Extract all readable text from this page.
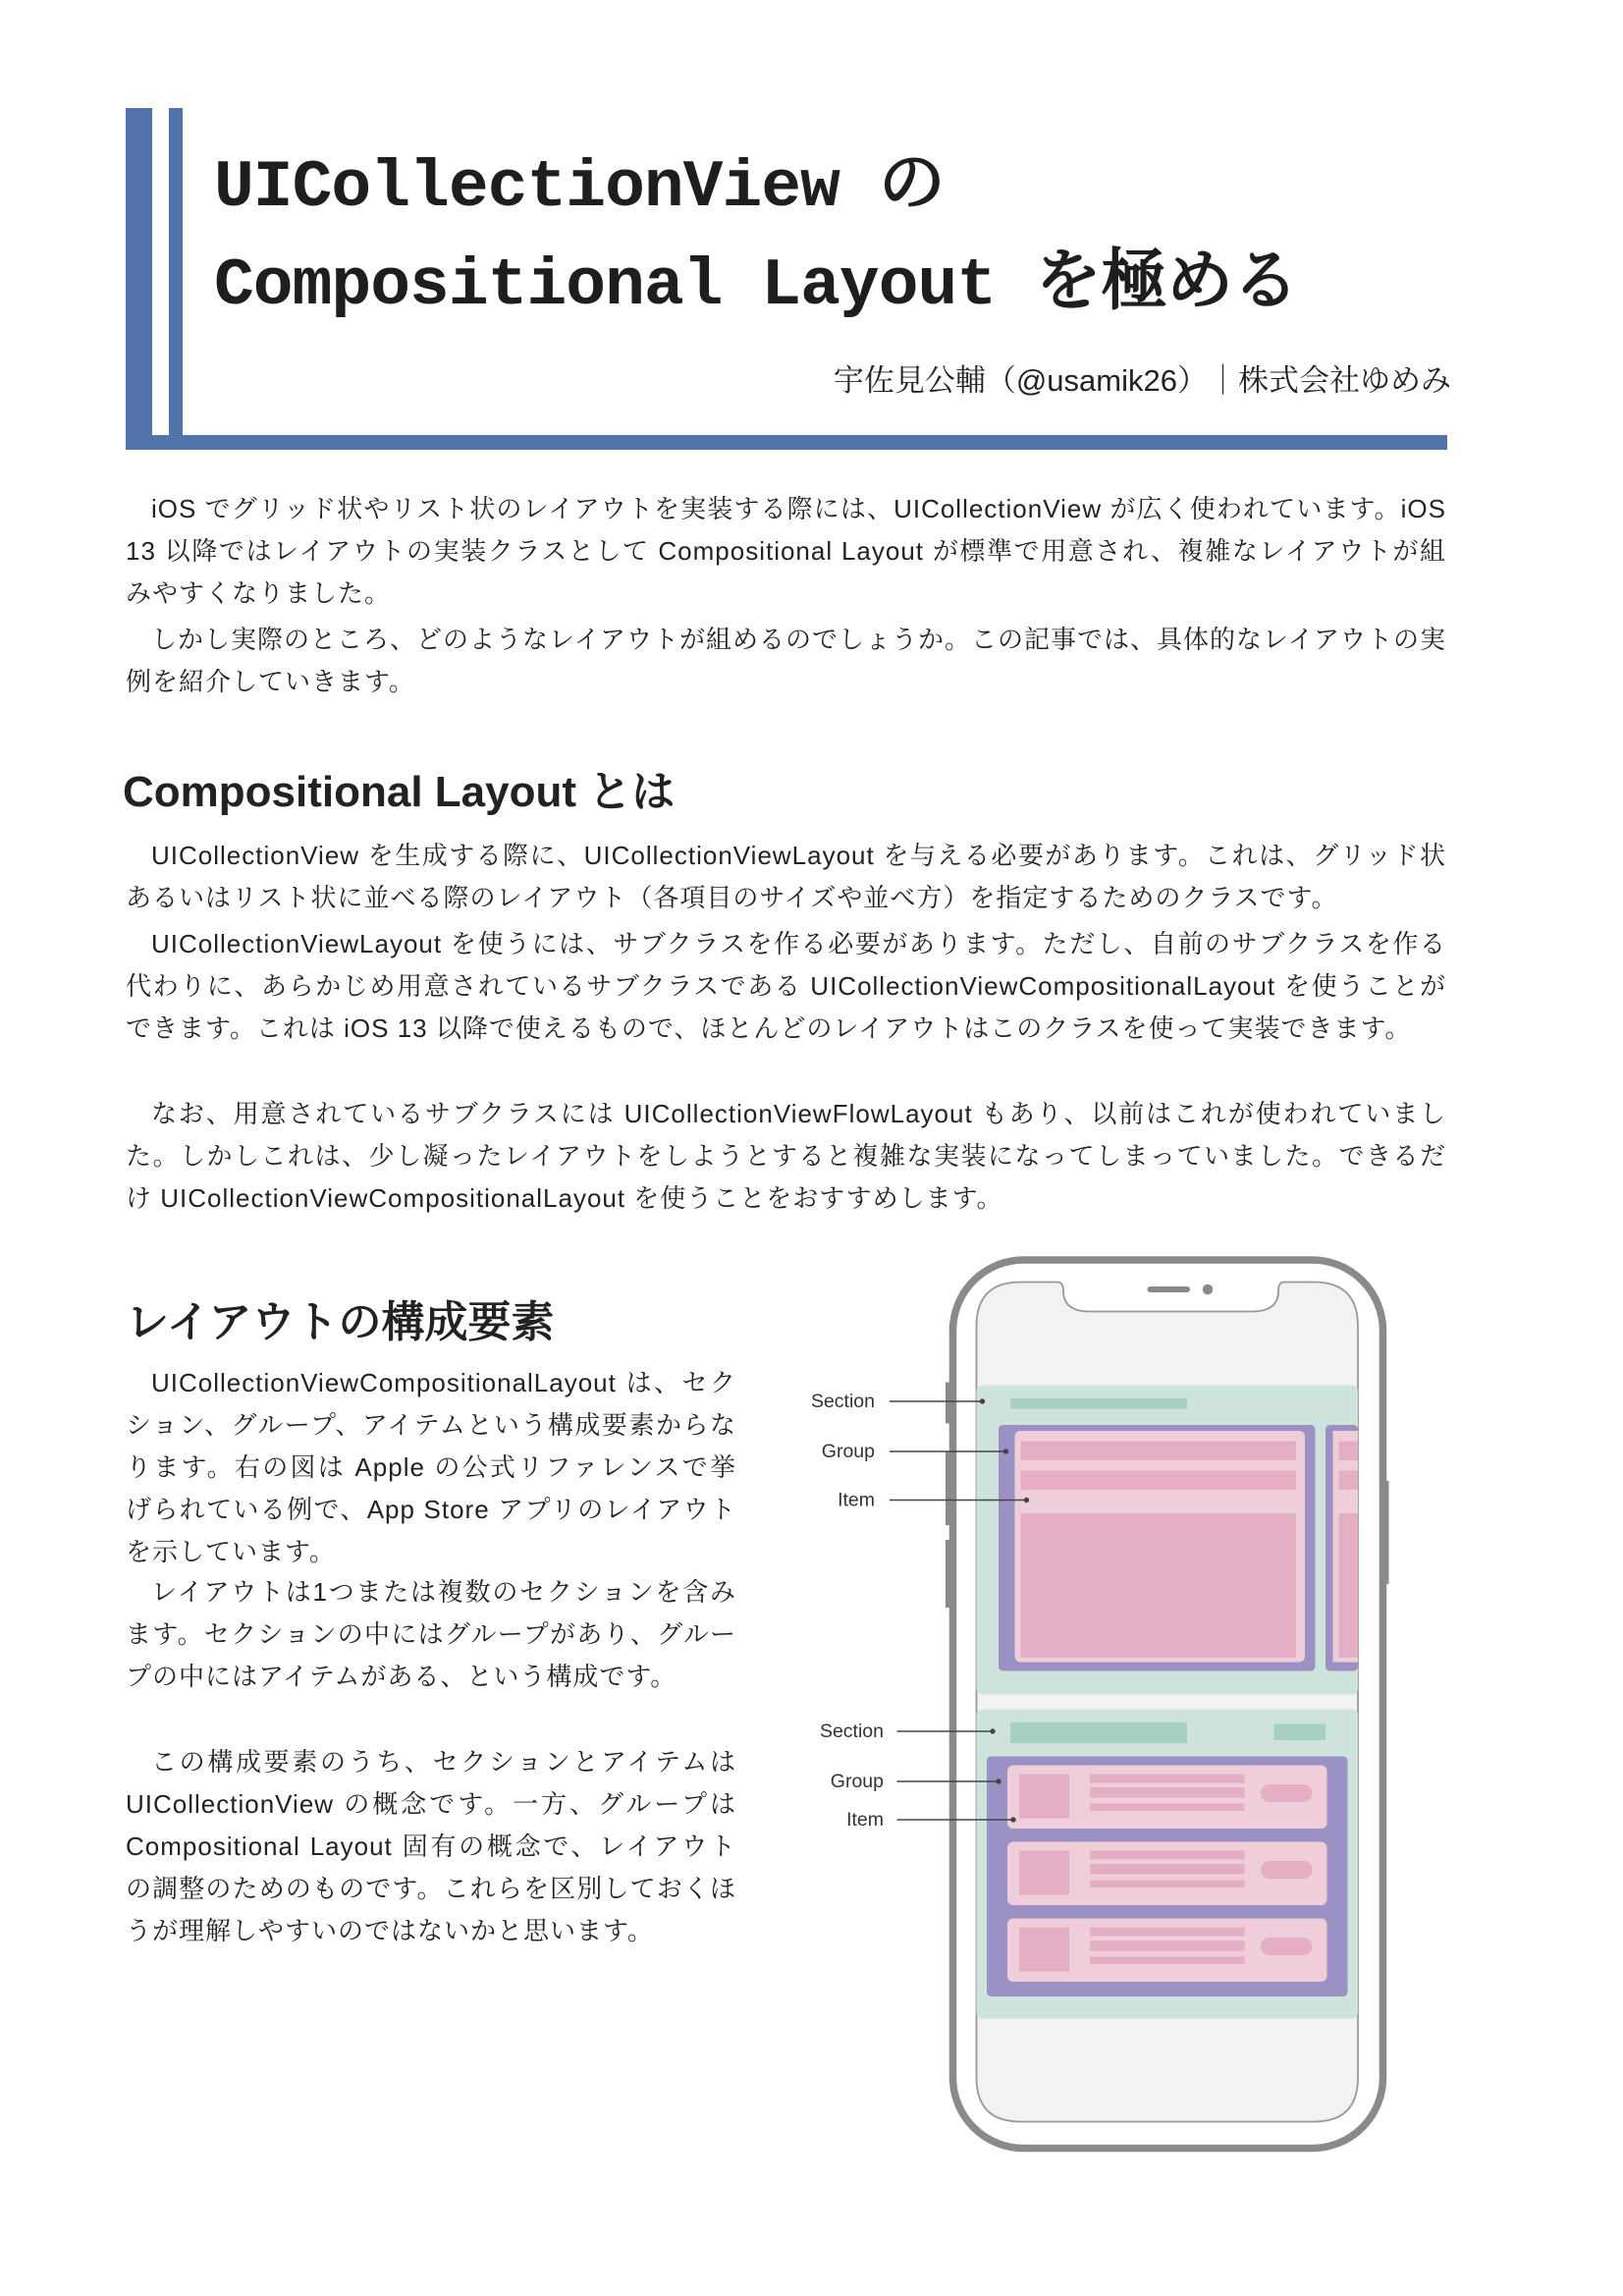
UICollectionView の
Compositional Layout を極める
宇佐見公輔（@usamik26）｜株式会社ゆめみ

iOS でグリッド状やリスト状のレイアウトを実装する際には、UICollectionView が広く使われています。iOS 13 以降ではレイアウトの実装クラスとして Compositional Layout が標準で用意され、複雑なレイアウトが組みやすくなりました。

しかし実際のところ、どのようなレイアウトが組めるのでしょうか。この記事では、具体的なレイアウトの実例を紹介していきます。

Compositional Layout とは

UICollectionView を生成する際に、UICollectionViewLayout を与える必要があります。これは、グリッド状あるいはリスト状に並べる際のレイアウト（各項目のサイズや並べ方）を指定するためのクラスです。

UICollectionViewLayout を使うには、サブクラスを作る必要があります。ただし、自前のサブクラスを作る代わりに、あらかじめ用意されているサブクラスである UICollectionViewCompositionalLayout を使うことができます。これは iOS 13 以降で使えるもので、ほとんどのレイアウトはこのクラスを使って実装できます。

なお、用意されているサブクラスには UICollectionViewFlowLayout もあり、以前はこれが使われていました。しかしこれは、少し凝ったレイアウトをしようとすると複雑な実装になってしまっていました。できるだけ UICollectionViewCompositionalLayout を使うことをおすすめします。

レイアウトの構成要素

UICollectionViewCompositionalLayout は、セクション、グループ、アイテムという構成要素からなります。右の図は Apple の公式リファレンスで挙げられている例で、App Store アプリのレイアウトを示しています。

レイアウトは1つまたは複数のセクションを含みます。セクションの中にはグループがあり、グループの中にはアイテムがある、という構成です。

この構成要素のうち、セクションとアイテムは UICollectionView の概念です。一方、グループは Compositional Layout 固有の概念で、レイアウトの調整のためのものです。これらを区別しておくほうが理解しやすいのではないかと思います。

Section
Group
Item
Section
Group
Item
